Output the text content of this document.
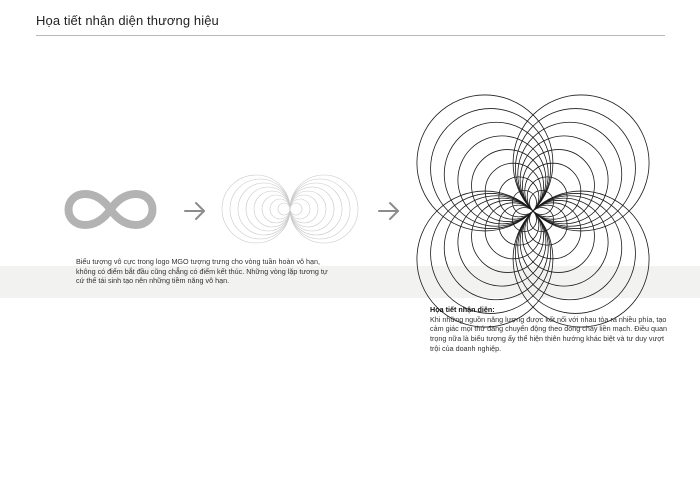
Họa tiết nhận diện thương hiệu
Biểu tượng vô cực trong logo MGO tượng trưng cho vòng tuần hoàn vô hạn, không có điểm bắt đầu cũng chẳng có điểm kết thúc. Những vòng lặp tương tự cứ thế tái sinh tạo nên những tiềm năng vô hạn.
Họa tiết nhận diện:
Khi những nguồn năng lượng được kết nối với nhau tỏa ra nhiều phía, tạo cảm giác mọi thứ đang chuyển động theo dòng chảy liền mạch. Điều quan trọng nữa là biểu tượng ấy thể hiện thiên hướng khác biệt và tư duy vượt trội của doanh nghiệp.
